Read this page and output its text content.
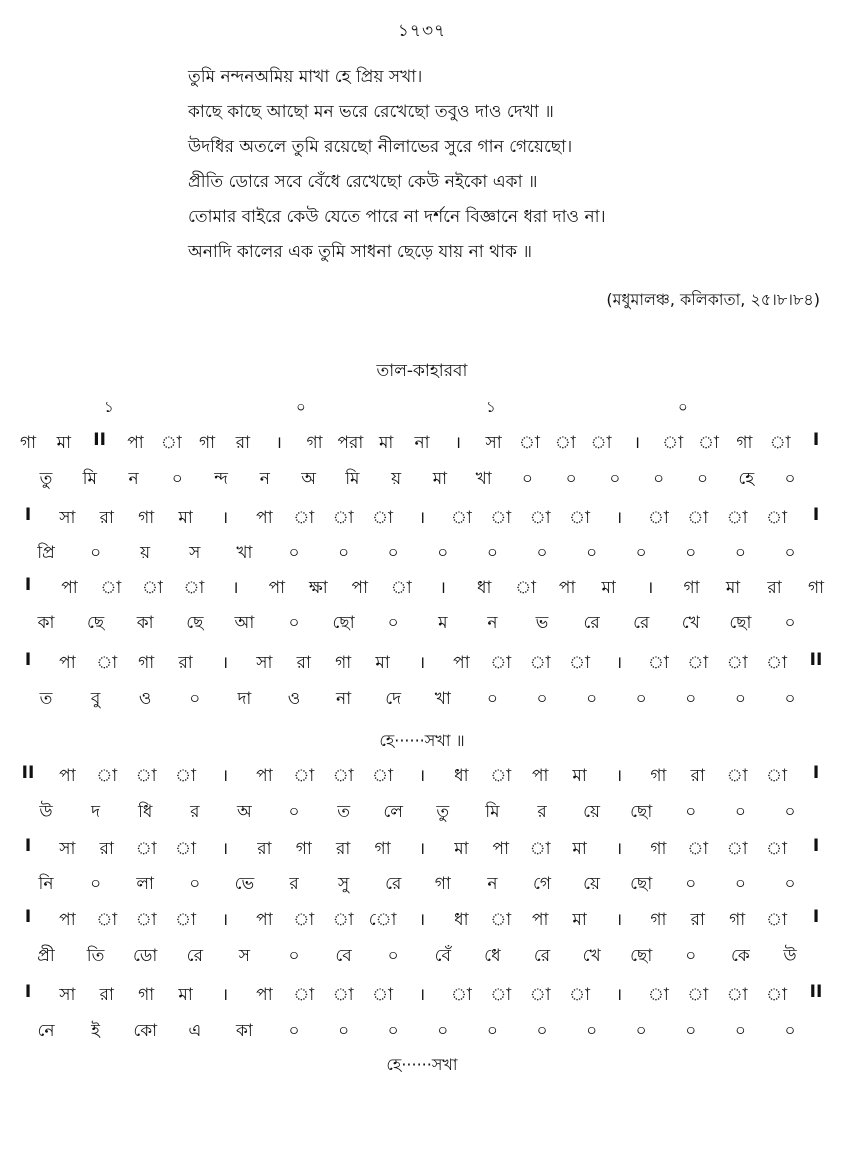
১৭৩৭
তুমি নন্দনঅমিয় মাখা হে প্রিয় সখা।
কাছে কাছে আছো মন ভরে রেখেছো তবুও দাও দেখা ॥
উদধির অতলে তুমি রয়েছো নীলাভের সুরে গান গেয়েছো।
প্রীতি ডোরে সবে বেঁধে রেখেছো কেউ নইকো একা ॥
তোমার বাইরে কেউ যেতে পারে না দর্শনে বিজ্ঞানে ধরা দাও না।
অনাদি কালের এক তুমি সাধনা ছেড়ে যায় না থাক ॥
(মধুমালঞ্চ, কলিকাতা, ২৫।৮।৮৪)
তাল-কাহারবা
১	০	১	০
গা মা II পা া গা রা । গা পরা মা না । সা া া া । া া গা া I
তু মি ন ০ ন্দ ন অ মি য় মা খা ০ ০ ০ ০ ০ হে ০
I সা রা গা মা । পা া া া । া া া া । া া া া I
প্রি ০ য় স খা ০ ০ ০ ০ ০ ০ ০ ০ ০ ০ ০
I পা া া া । পা ক্ষা পা া । ধা া পা মা । গা মা রা গা
কা ছে কা ছে আ ০ ছো ০ ম ন ভ রে রে খে ছো ০
I পা া গা রা । সা রা গা মা । পা া া া । া া া া II
ত বু ও ০ দা ও না দে খা ০ ০ ০ ০ ০ ০ ০
হে······সখা ॥
II পা া া া । পা া া া । ধা া পা মা । গা রা া া I
উ দ ধি র অ ০ ত লে তু মি র য়ে ছো ০ ০ ০
I সা রা া া । রা গা রা গা । মা পা া মা । গা া া া I
নি ০ লা ০ ভে র সু রে গা ন গে য়ে ছো ০ ০ ০
I পা া া া । পা া া ো । ধা া পা মা । গা রা গা া I
প্রী তি ডো রে স ০ বে ০ বেঁ ধে রে খে ছো ০ কে উ
I সা রা গা মা । পা া া া । া া া া । া া া া II
নে ই কো এ কা ০ ০ ০ ০ ০ ০ ০ ০ ০ ০ ০
হে······সখা
